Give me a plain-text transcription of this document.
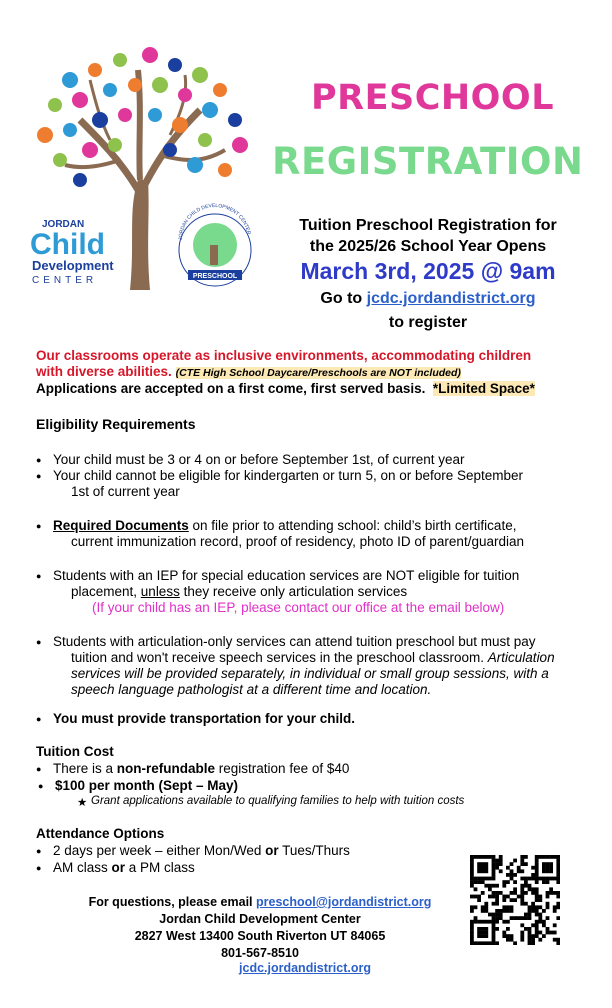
JORDAN
Child
Development
CENTER	PRESCHOOL
JORDAN CHILD DEVELOPMENT CENTER
PRESCHOOL
REGISTRATION
Tuition Preschool Registration for
the 2025/26 School Year Opens
March 3rd, 2025 @ 9am
Go to jcdc.jordandistrict.org
to register
Our classrooms operate as inclusive environments, accommodating children
with diverse abilities. (CTE High School Daycare/Preschools are NOT included)
Applications are accepted on a first come, first served basis. *Limited Space*
Eligibility Requirements
● Your child must be 3 or 4 on or before September 1st, of current year
● Your child cannot be eligible for kindergarten or turn 5, on or before September
1st of current year
● Required Documents on file prior to attending school: child’s birth certificate,
current immunization record, proof of residency, photo ID of parent/guardian
● Students with an IEP for special education services are NOT eligible for tuition
placement, unless they receive only articulation services
(If your child has an IEP, please contact our office at the email below)
● Students with articulation-only services can attend tuition preschool but must pay
tuition and won't receive speech services in the preschool classroom. Articulation
services will be provided separately, in individual or small group sessions, with a
speech language pathologist at a different time and location.
● You must provide transportation for your child.
Tuition Cost
● There is a non-refundable registration fee of $40
● $100 per month (Sept – May)
★ Grant applications available to qualifying families to help with tuition costs
Attendance Options
● 2 days per week – either Mon/Wed or Tues/Thurs
● AM class or a PM class
For questions, please email preschool@jordandistrict.org
Jordan Child Development Center
2827 West 13400 South Riverton UT 84065
801-567-8510
jcdc.jordandistrict.org
